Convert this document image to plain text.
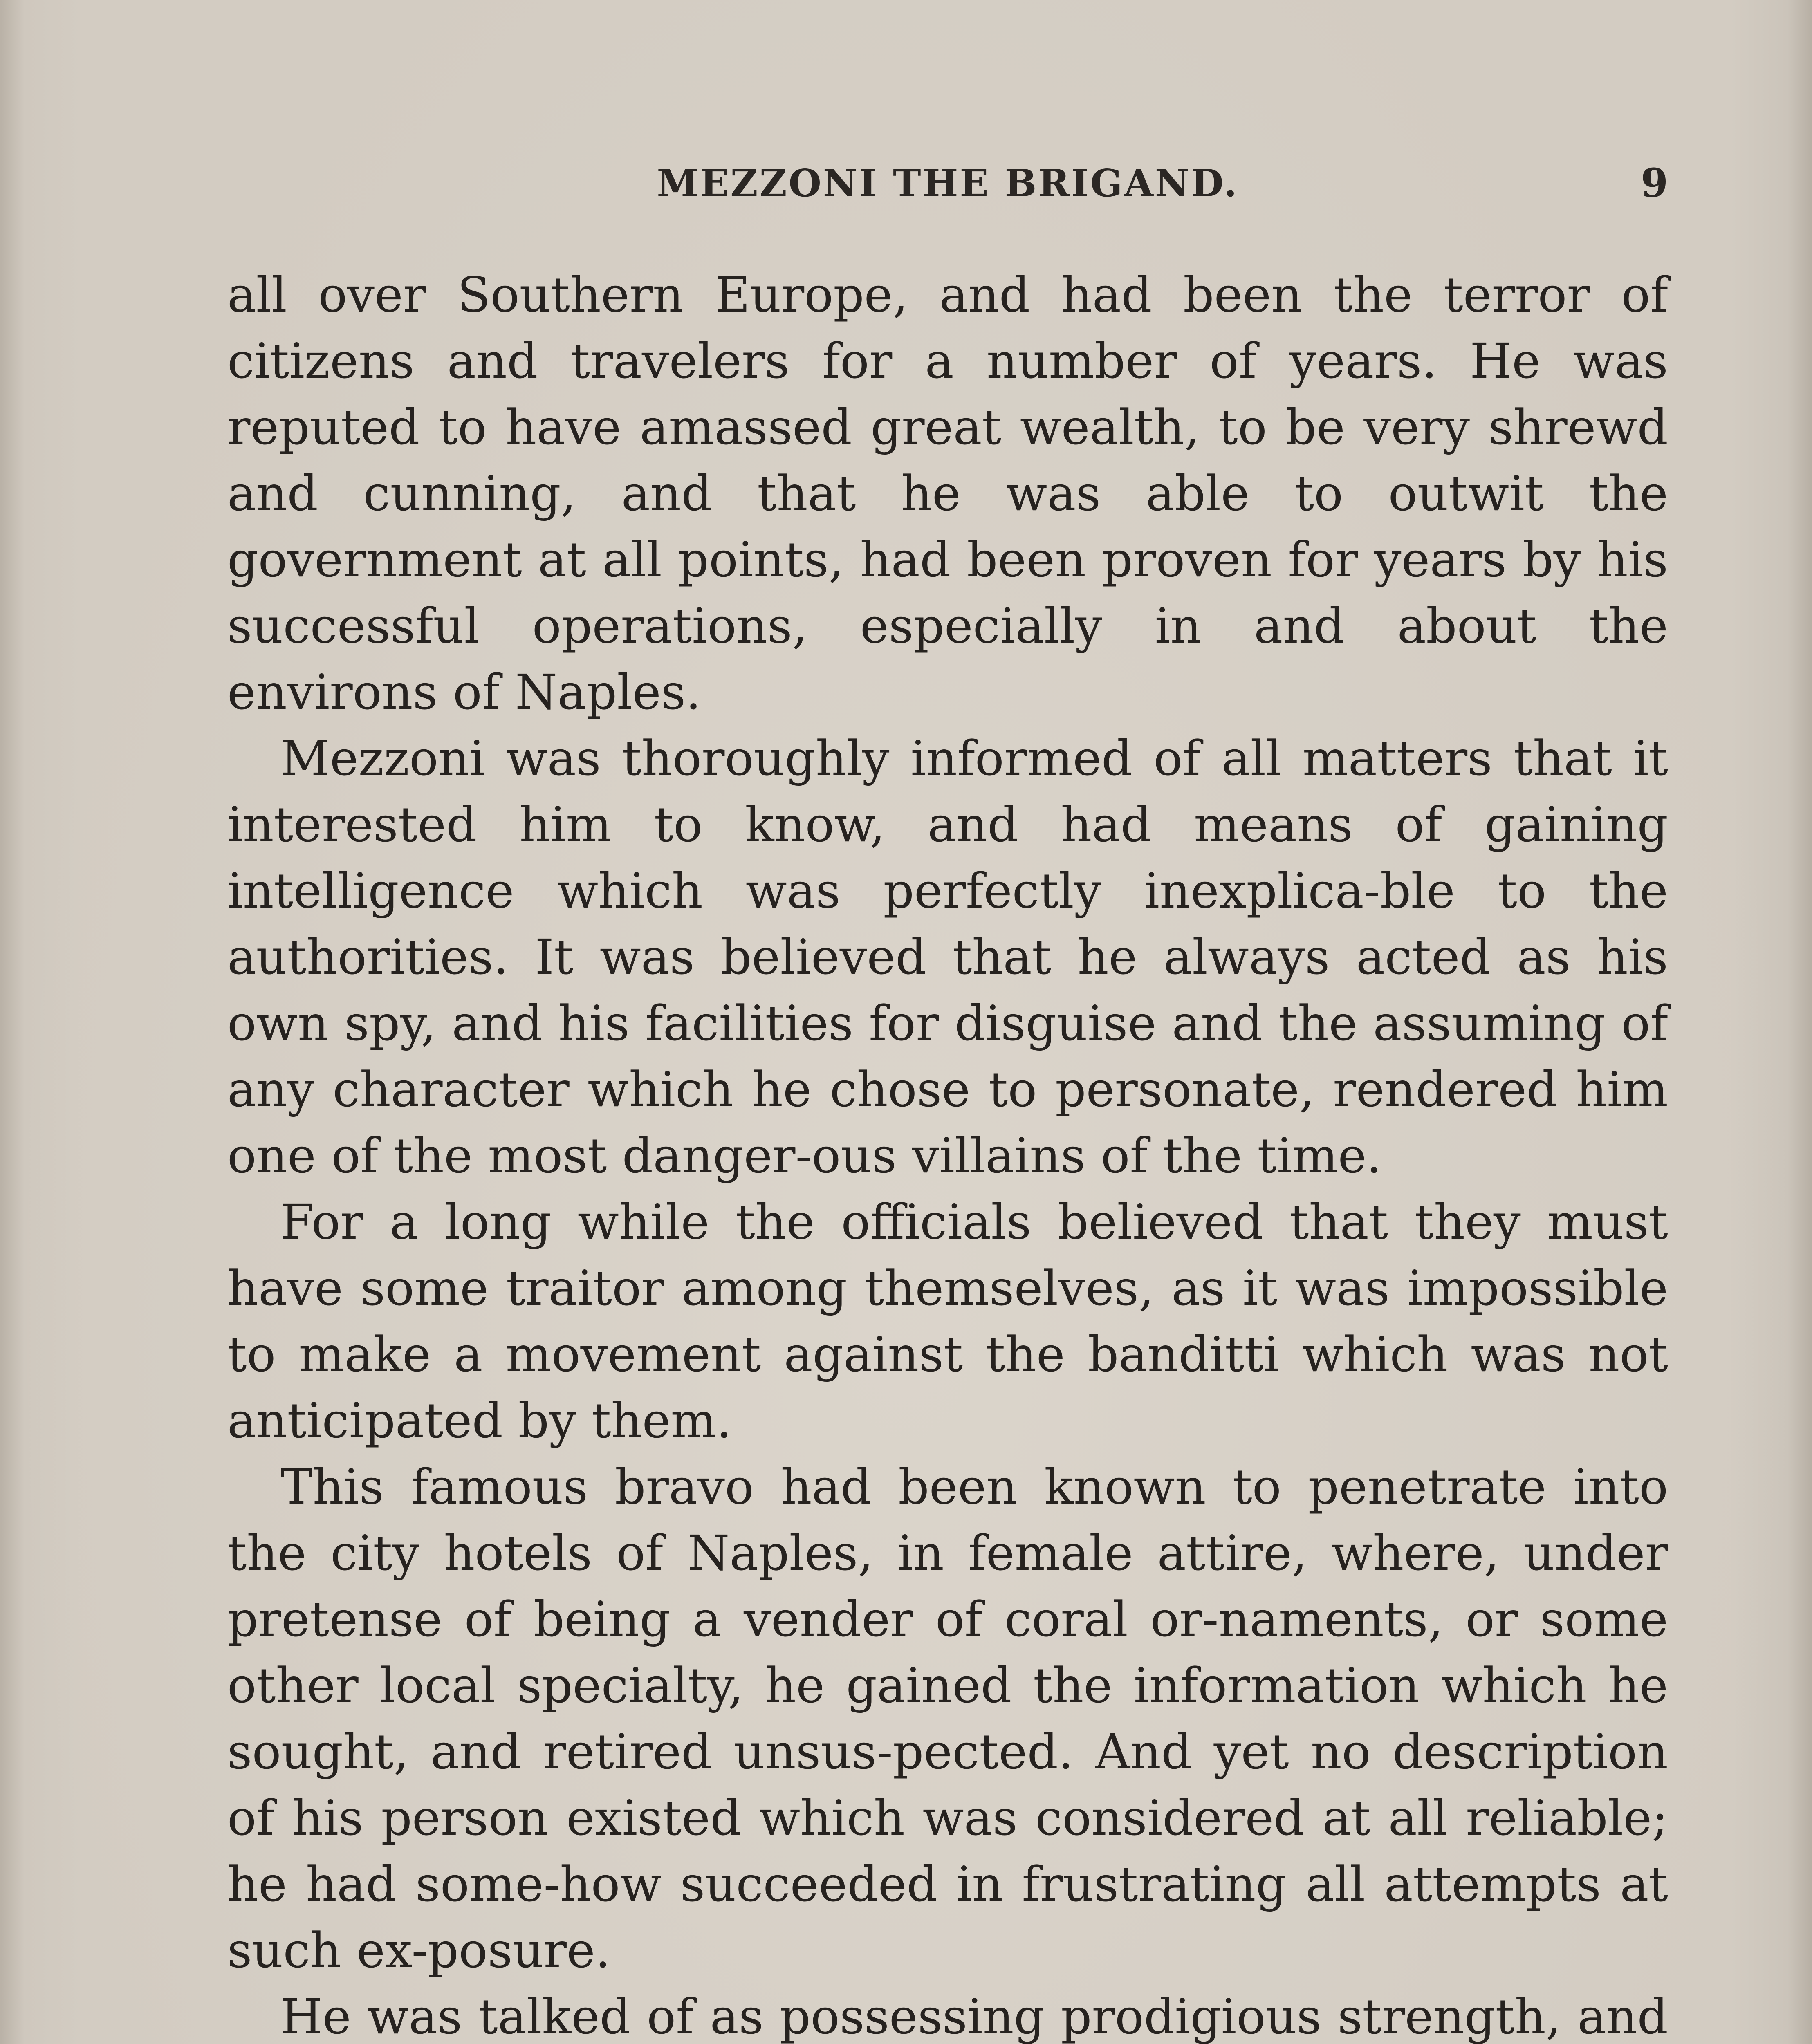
MEZZONI THE BRIGAND.	9

all over Southern Europe, and had been the terror of citizens and travelers for a number of years. He was reputed to have amassed great wealth, to be very shrewd and cunning, and that he was able to outwit the government at all points, had been proven for years by his successful operations, especially in and about the environs of Naples.

Mezzoni was thoroughly informed of all matters that it interested him to know, and had means of gaining intelligence which was perfectly inexplica-ble to the authorities. It was believed that he always acted as his own spy, and his facilities for disguise and the assuming of any character which he chose to personate, rendered him one of the most danger-ous villains of the time.

For a long while the officials believed that they must have some traitor among themselves, as it was impossible to make a movement against the banditti which was not anticipated by them.

This famous bravo had been known to penetrate into the city hotels of Naples, in female attire, where, under pretense of being a vender of coral or-naments, or some other local specialty, he gained the information which he sought, and retired unsus-pected. And yet no description of his person existed which was considered at all reliable; he had some-how succeeded in frustrating all attempts at such ex-posure.

He was talked of as possessing prodigious strength, and
